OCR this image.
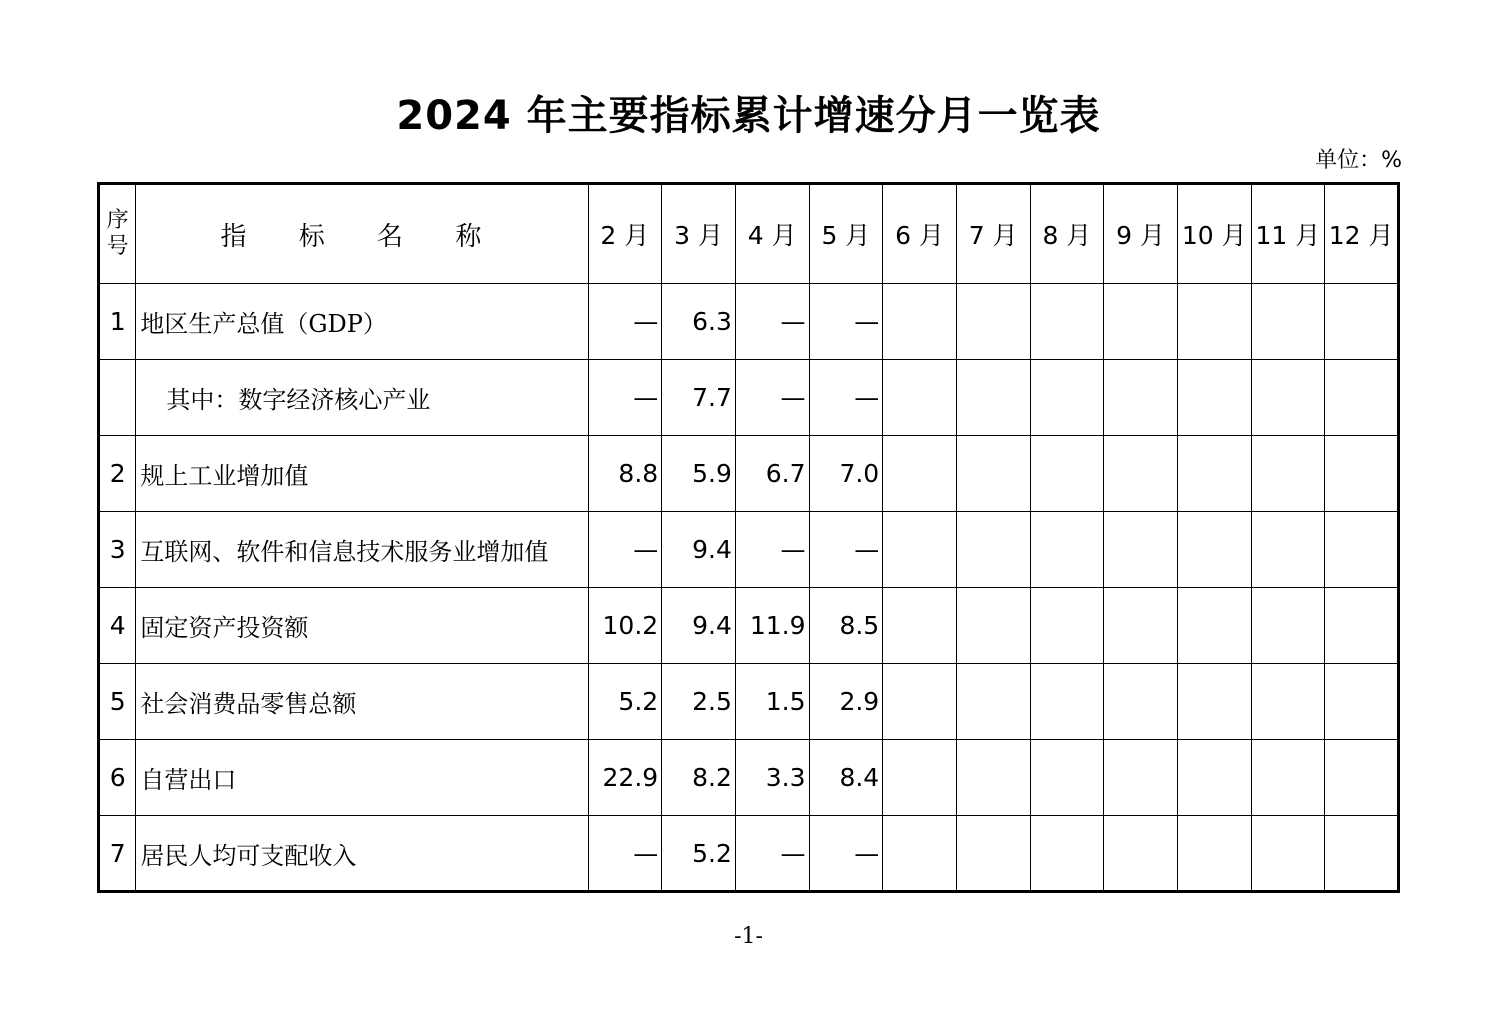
2024 年主要指标累计增速分月一览表
单位：%
序
号	指 标 名 称	2 月	3 月	4 月	5 月	6 月	7 月	8 月	9 月	10 月	11 月	12 月
1	地区生产总值（GDP）	—	6.3	—	—							
	其中：数字经济核心产业	—	7.7	—	—							
2	规上工业增加值	8.8	5.9	6.7	7.0							
3	互联网、软件和信息技术服务业增加值	—	9.4	—	—							
4	固定资产投资额	10.2	9.4	11.9	8.5							
5	社会消费品零售总额	5.2	2.5	1.5	2.9							
6	自营出口	22.9	8.2	3.3	8.4							
7	居民人均可支配收入	—	5.2	—	—							
-1-
